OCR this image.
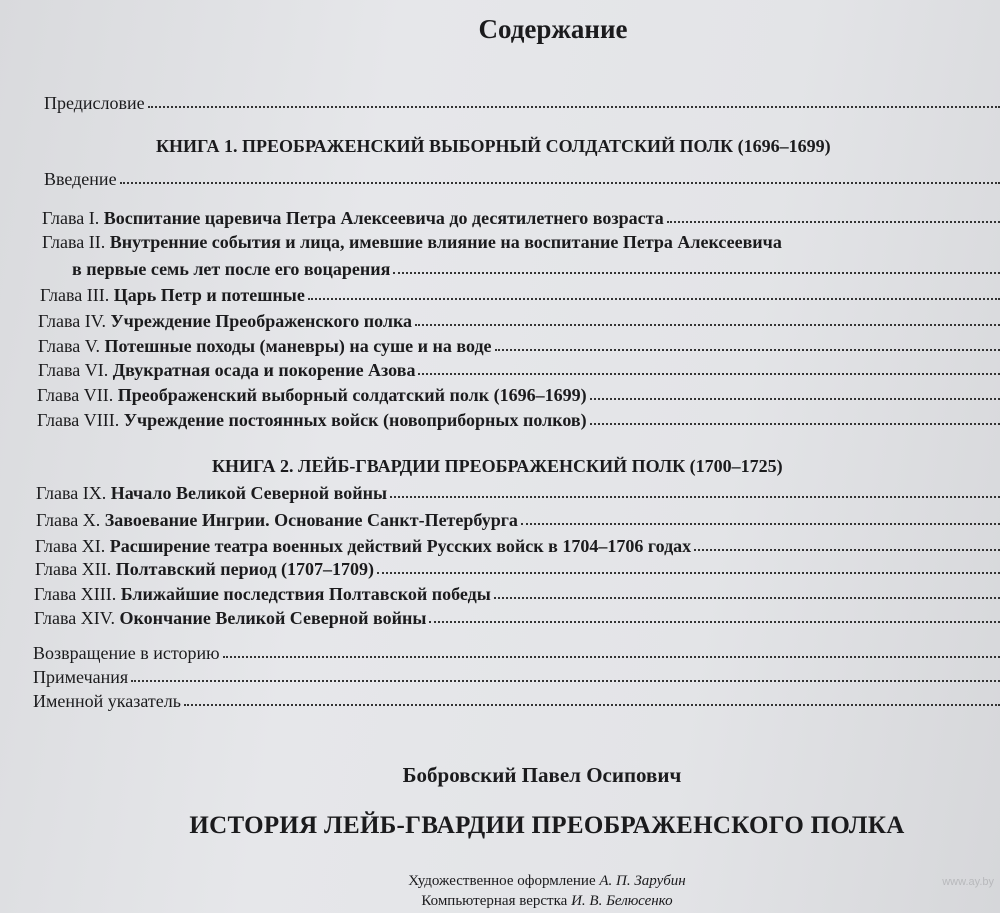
Содержание
Предисловие
КНИГА 1. ПРЕОБРАЖЕНСКИЙ ВЫБОРНЫЙ СОЛДАТСКИЙ ПОЛК (1696–1699)
Введение
Глава I. Воспитание царевича Петра Алексеевича до десятилетнего возраста
Глава II. Внутренние события и лица, имевшие влияние на воспитание Петра Алексеевича
в первые семь лет после его воцарения
Глава III. Царь Петр и потешные
Глава IV. Учреждение Преображенского полка
Глава V. Потешные походы (маневры) на суше и на воде
Глава VI. Двукратная осада и покорение Азова
Глава VII. Преображенский выборный солдатский полк (1696–1699)
Глава VIII. Учреждение постоянных войск (новоприборных полков)
КНИГА 2. ЛЕЙБ-ГВАРДИИ ПРЕОБРАЖЕНСКИЙ ПОЛК (1700–1725)
Глава IX. Начало Великой Северной войны
Глава X. Завоевание Ингрии. Основание Санкт-Петербурга
Глава XI. Расширение театра военных действий Русских войск в 1704–1706 годах
Глава XII. Полтавский период (1707–1709)
Глава XIII. Ближайшие последствия Полтавской победы
Глава XIV. Окончание Великой Северной войны
Возвращение в историю
Примечания
Именной указатель
Бобровский Павел Осипович
ИСТОРИЯ ЛЕЙБ-ГВАРДИИ ПРЕОБРАЖЕНСКОГО ПОЛКА
Художественное оформление А. П. Зарубин
Компьютерная верстка И. В. Белюсенко
www.ay.by
